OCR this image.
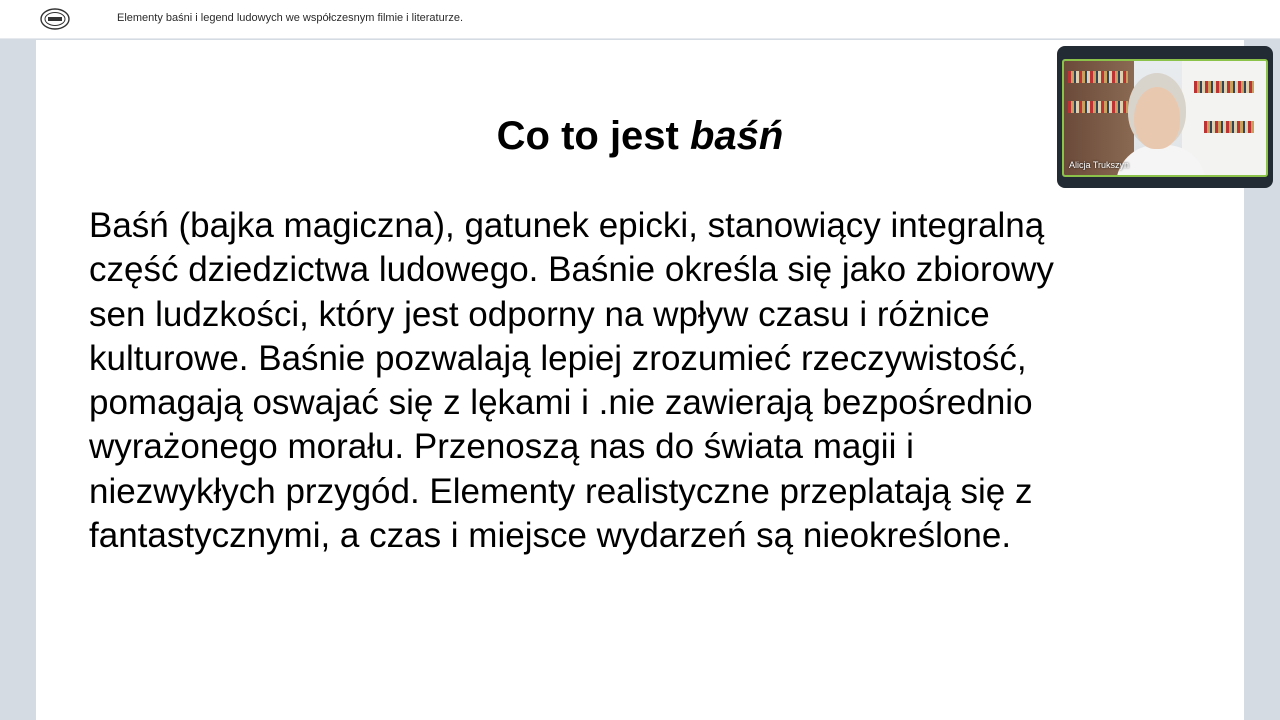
Elementy baśni i legend ludowych we współczesnym filmie i literaturze.
Co to jest baśń
Baśń (bajka magiczna), gatunek epicki, stanowiący integralną
część dziedzictwa ludowego. Baśnie określa się jako zbiorowy
sen ludzkości, który jest odporny na wpływ czasu i różnice
kulturowe. Baśnie pozwalają lepiej zrozumieć rzeczywistość,
pomagają oswajać się z lękami i .nie zawierają bezpośrednio
wyrażonego morału. Przenoszą nas do świata magii i
niezwykłych przygód. Elementy realistyczne przeplatają się z
fantastycznymi, a czas i miejsce wydarzeń są nieokreślone.
Alicja Trukszyn
